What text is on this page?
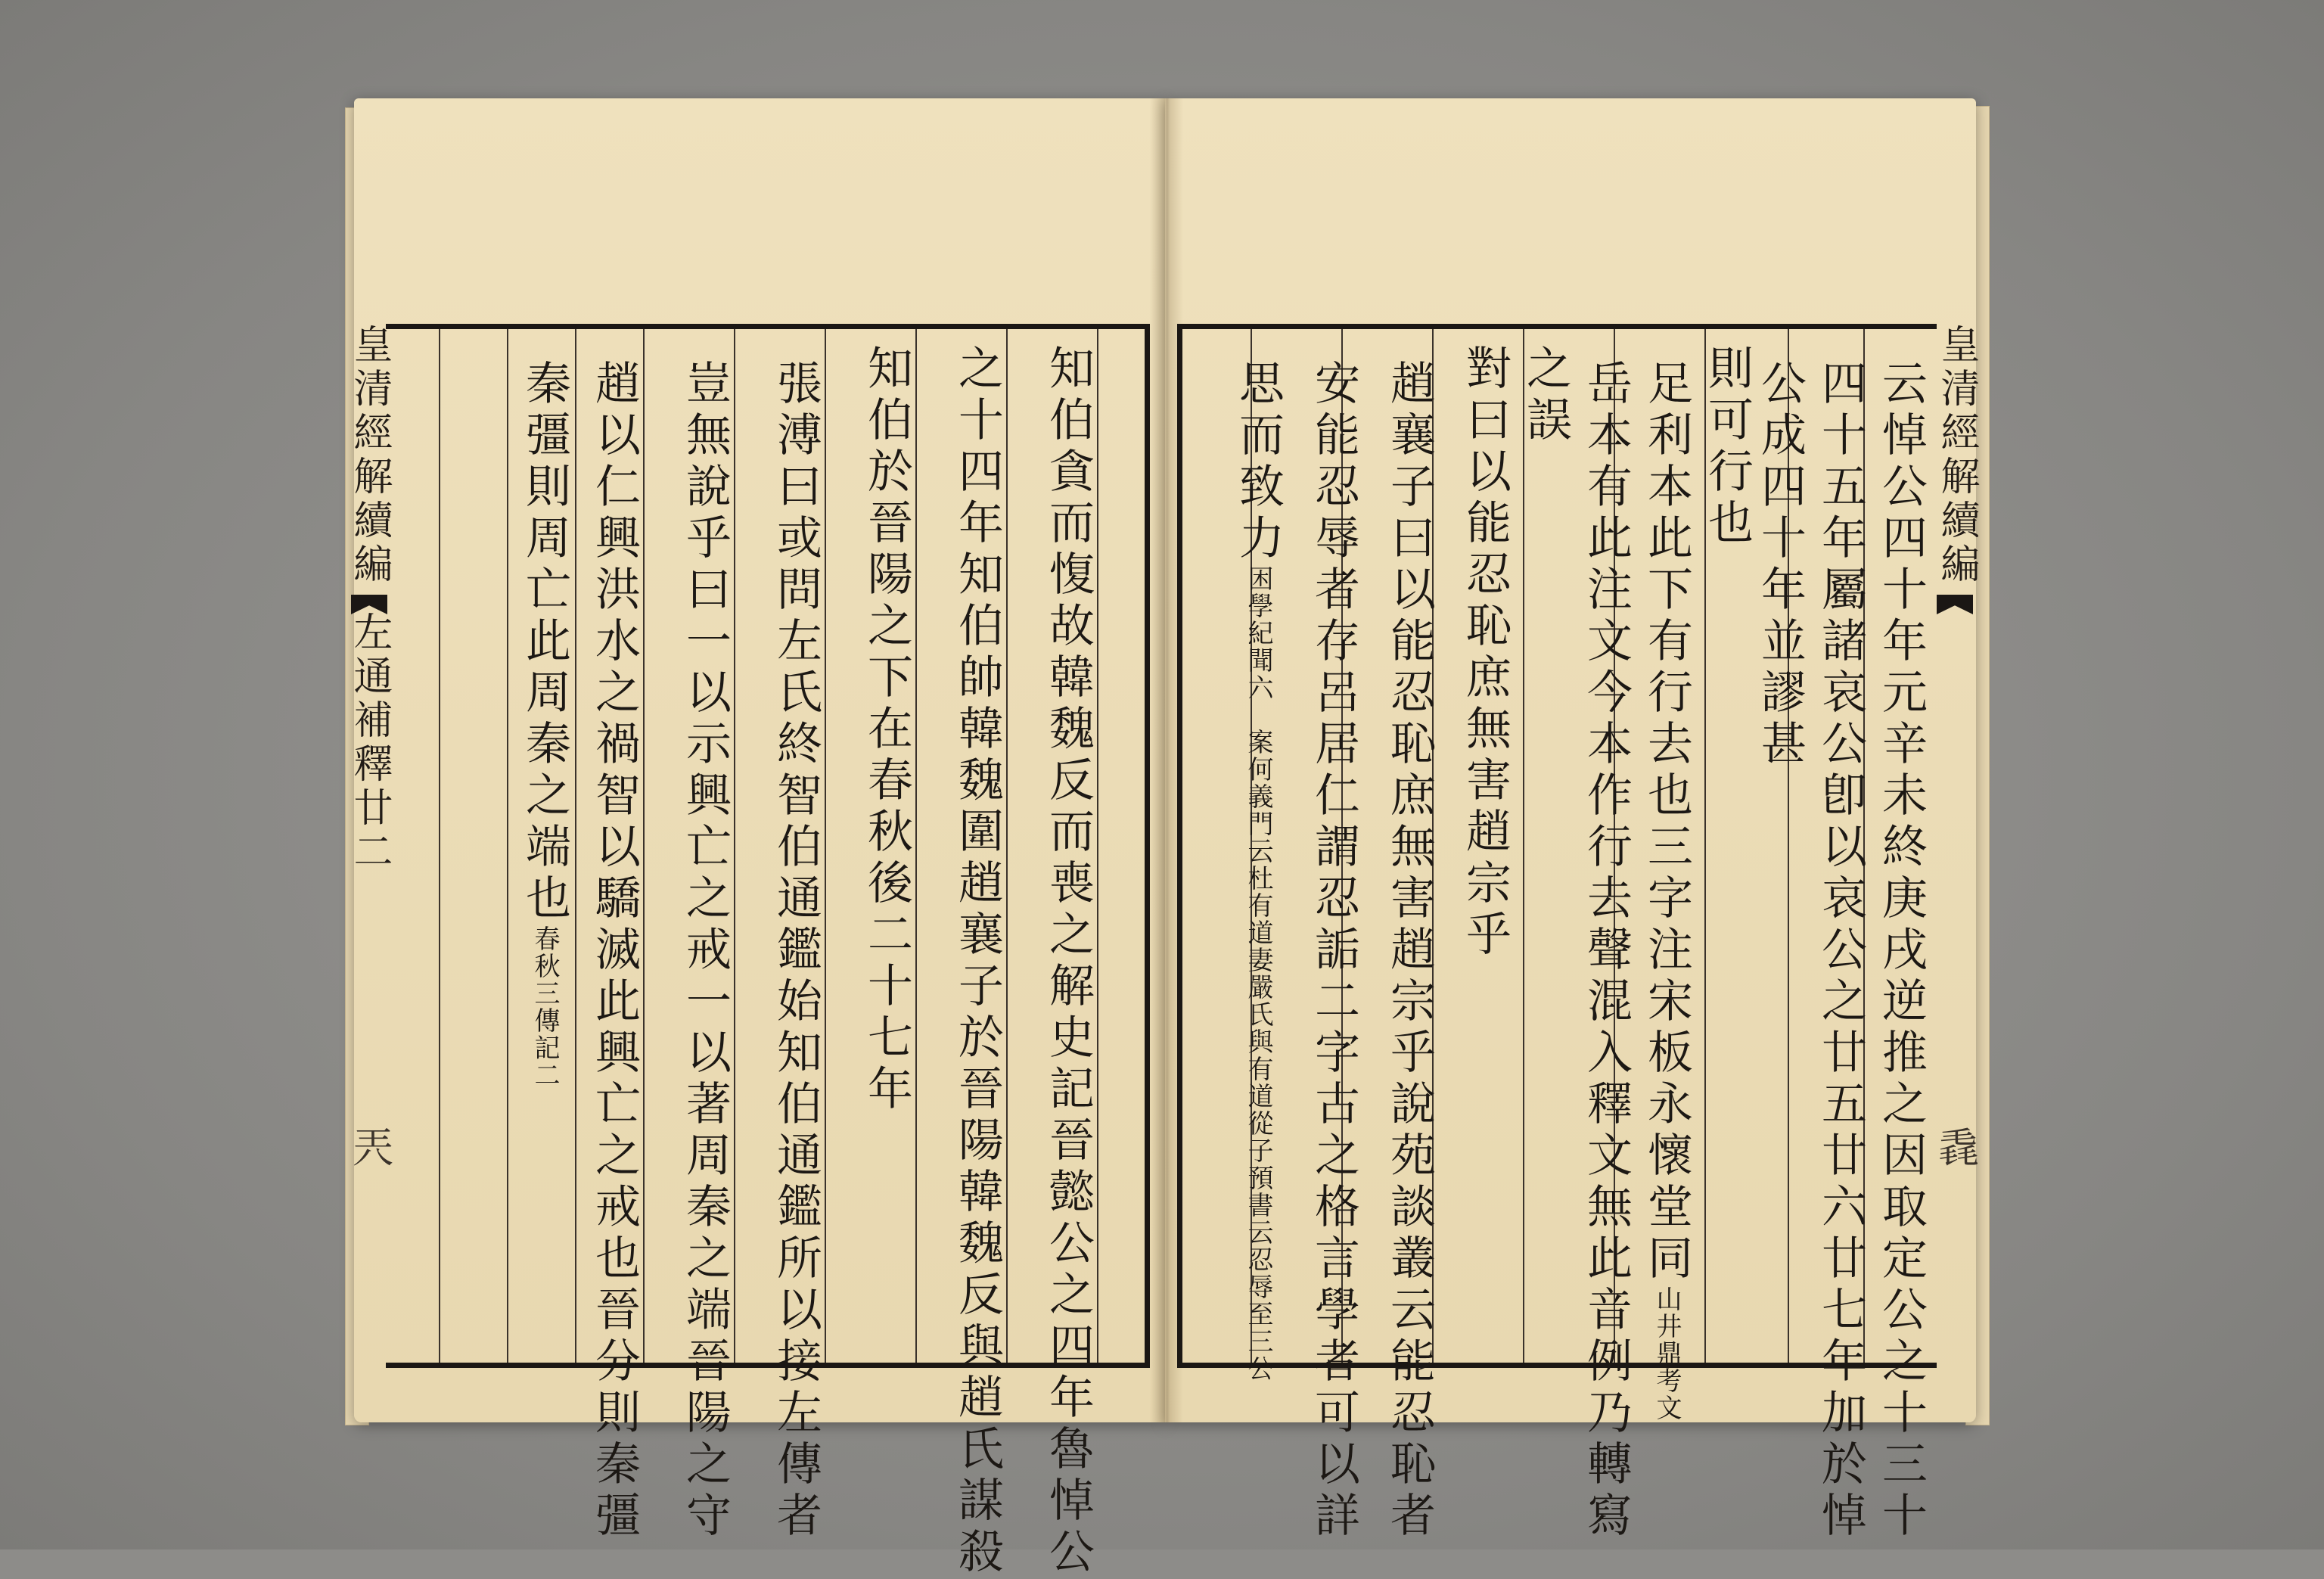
知伯貪而愎故韓魏反而喪之解史記晉懿公之四年魯悼公
之十四年知伯帥韓魏圍趙襄子於晉陽韓魏反與趙氏謀殺
知伯於晉陽之下在春秋後二十七年
張溥曰或問左氏終智伯通鑑始知伯通鑑所以接左傳者
豈無說乎曰一以示興亡之戒一以著周秦之端晉陽之守
趙以仁興洪水之禍智以驕滅此興亡之戒也晉分則秦彊
秦彊則周亡此周秦之端也春秋三傳記二
皇清經解續編
左通補釋廿二
兲	云悼公四十年元辛未終庚戌逆推之因取定公之十三十
四十五年屬諸哀公卽以哀公之廿五廿六廿七年加於悼
公成四十年並謬甚
則可行也
足利本此下有行去也三字注宋板永懷堂同山井鼎考文
岳本有此注文今本作行去聲混入釋文無此音例乃轉寫
之誤
對曰以能忍恥庶無害趙宗乎
趙襄子曰以能忍恥庶無害趙宗乎說苑談叢云能忍恥者
安能忍辱者存呂居仁謂忍詬二字古之格言學者可以詳
思而致力困學紀聞六　案何義門云杜有道妻嚴氏與有道從子預書云忍辱至三公
皇清經解續編
毳
